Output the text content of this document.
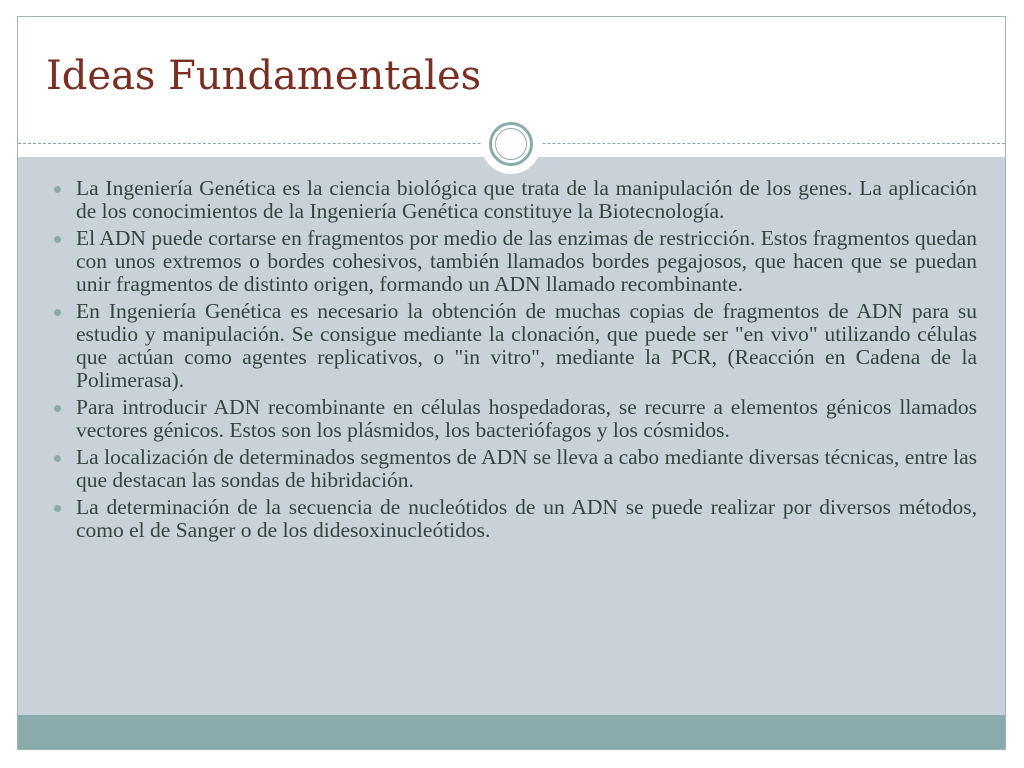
Ideas Fundamentales
La Ingeniería Genética es la ciencia biológica que trata de la manipulación de los genes. La aplicación de los conocimientos de la Ingeniería Genética constituye la Biotecnología.
El ADN puede cortarse en fragmentos por medio de las enzimas de restricción. Estos fragmentos quedan con unos extremos o bordes cohesivos, también llamados bordes pegajosos, que hacen que se puedan unir fragmentos de distinto origen, formando un ADN llamado recombinante.
En Ingeniería Genética es necesario la obtención de muchas copias de fragmentos de ADN para su estudio y manipulación. Se consigue mediante la clonación, que puede ser "en vivo" utilizando células que actúan como agentes replicativos, o "in vitro", mediante la PCR, (Reacción en Cadena de la Polimerasa).
Para introducir ADN recombinante en células hospedadoras, se recurre a elementos génicos llamados vectores génicos. Estos son los plásmidos, los bacteriófagos y los cósmidos.
La localización de determinados segmentos de ADN se lleva a cabo mediante diversas técnicas, entre las que destacan las sondas de hibridación.
La determinación de la secuencia de nucleótidos de un ADN se puede realizar por diversos métodos, como el de Sanger o de los didesoxinucleótidos.
